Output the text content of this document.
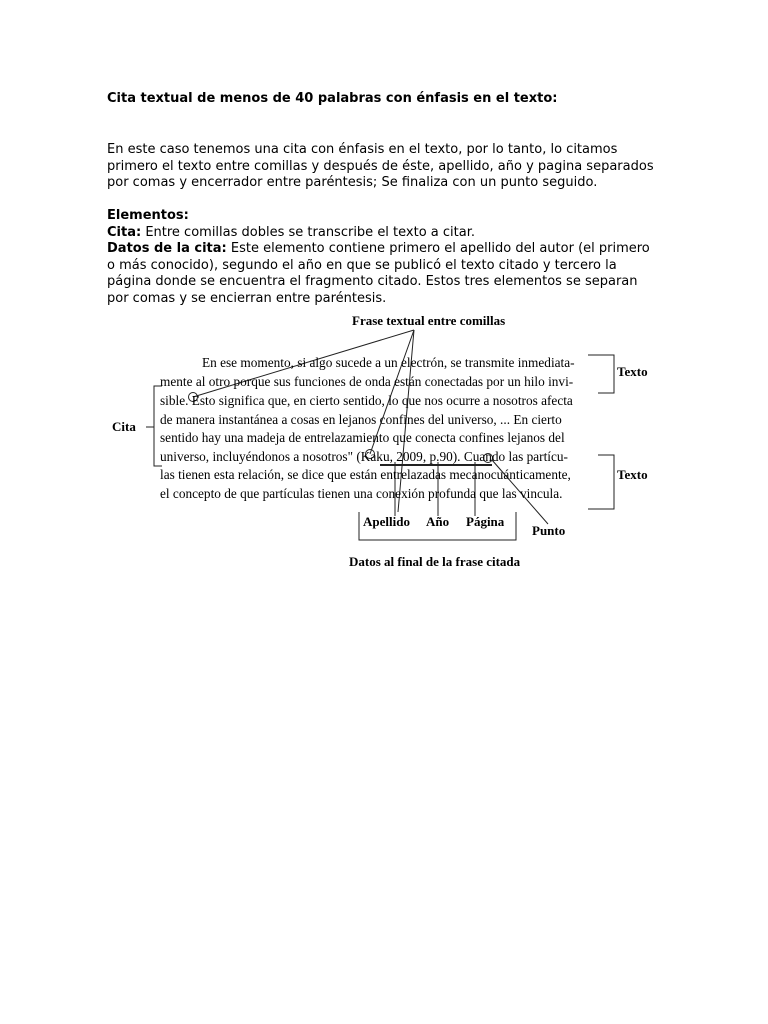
Cita textual de menos de 40 palabras con énfasis en el texto:
En este caso tenemos una cita con énfasis en el texto, por lo tanto, lo citamos
primero el texto entre comillas y después de éste, apellido, año y pagina separados
por comas y encerrador entre paréntesis; Se finaliza con un punto seguido.
Elementos:
Cita: Entre comillas dobles se transcribe el texto a citar.
Datos de la cita: Este elemento contiene primero el apellido del autor (el primero
o más conocido), segundo el año en que se publicó el texto citado y tercero la
página donde se encuentra el fragmento citado. Estos tres elementos se separan
por comas y se encierran entre paréntesis.
Frase textual entre comillas
Texto
Texto
Cita
Apellido Año Página
Punto
Datos al final de la frase citada
En ese momento, si algo sucede a un electrón, se transmite inmediata-
mente al otro porque sus funciones de onda están conectadas por un hilo invi-
sible. Esto significa que, en cierto sentido, lo que nos ocurre a nosotros afecta
de manera instantánea a cosas en lejanos confines del universo, ... En cierto
sentido hay una madeja de entrelazamiento que conecta confines lejanos del
universo, incluyéndonos a nosotros" (Kaku, 2009, p.90). Cuando las partícu-
las tienen esta relación, se dice que están entrelazadas mecanocuánticamente,
el concepto de que partículas tienen una conexión profunda que las vincula.
